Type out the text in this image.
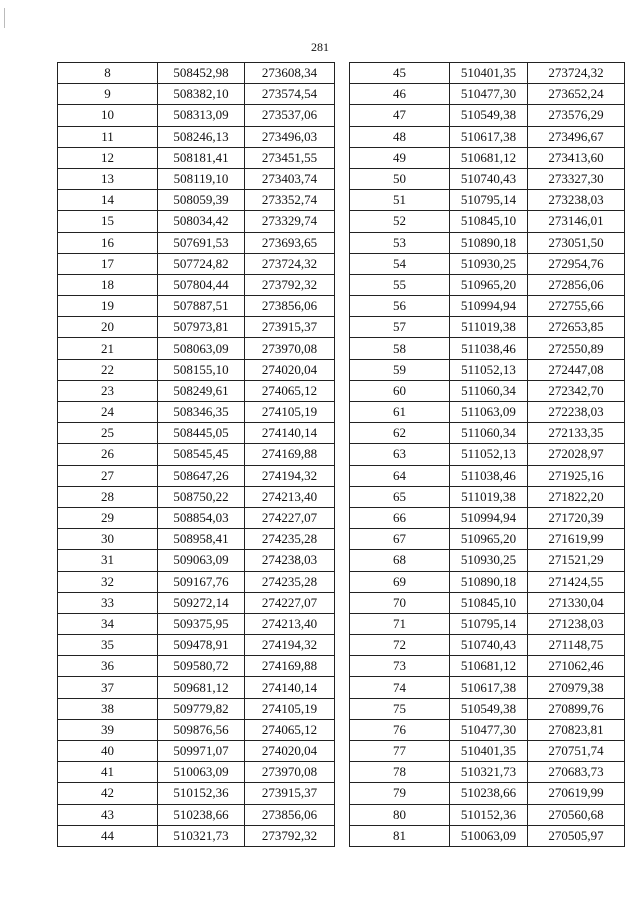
281
8	508452,98	273608,34
9	508382,10	273574,54
10	508313,09	273537,06
11	508246,13	273496,03
12	508181,41	273451,55
13	508119,10	273403,74
14	508059,39	273352,74
15	508034,42	273329,74
16	507691,53	273693,65
17	507724,82	273724,32
18	507804,44	273792,32
19	507887,51	273856,06
20	507973,81	273915,37
21	508063,09	273970,08
22	508155,10	274020,04
23	508249,61	274065,12
24	508346,35	274105,19
25	508445,05	274140,14
26	508545,45	274169,88
27	508647,26	274194,32
28	508750,22	274213,40
29	508854,03	274227,07
30	508958,41	274235,28
31	509063,09	274238,03
32	509167,76	274235,28
33	509272,14	274227,07
34	509375,95	274213,40
35	509478,91	274194,32
36	509580,72	274169,88
37	509681,12	274140,14
38	509779,82	274105,19
39	509876,56	274065,12
40	509971,07	274020,04
41	510063,09	273970,08
42	510152,36	273915,37
43	510238,66	273856,06
44	510321,73	273792,32
45	510401,35	273724,32
46	510477,30	273652,24
47	510549,38	273576,29
48	510617,38	273496,67
49	510681,12	273413,60
50	510740,43	273327,30
51	510795,14	273238,03
52	510845,10	273146,01
53	510890,18	273051,50
54	510930,25	272954,76
55	510965,20	272856,06
56	510994,94	272755,66
57	511019,38	272653,85
58	511038,46	272550,89
59	511052,13	272447,08
60	511060,34	272342,70
61	511063,09	272238,03
62	511060,34	272133,35
63	511052,13	272028,97
64	511038,46	271925,16
65	511019,38	271822,20
66	510994,94	271720,39
67	510965,20	271619,99
68	510930,25	271521,29
69	510890,18	271424,55
70	510845,10	271330,04
71	510795,14	271238,03
72	510740,43	271148,75
73	510681,12	271062,46
74	510617,38	270979,38
75	510549,38	270899,76
76	510477,30	270823,81
77	510401,35	270751,74
78	510321,73	270683,73
79	510238,66	270619,99
80	510152,36	270560,68
81	510063,09	270505,97
